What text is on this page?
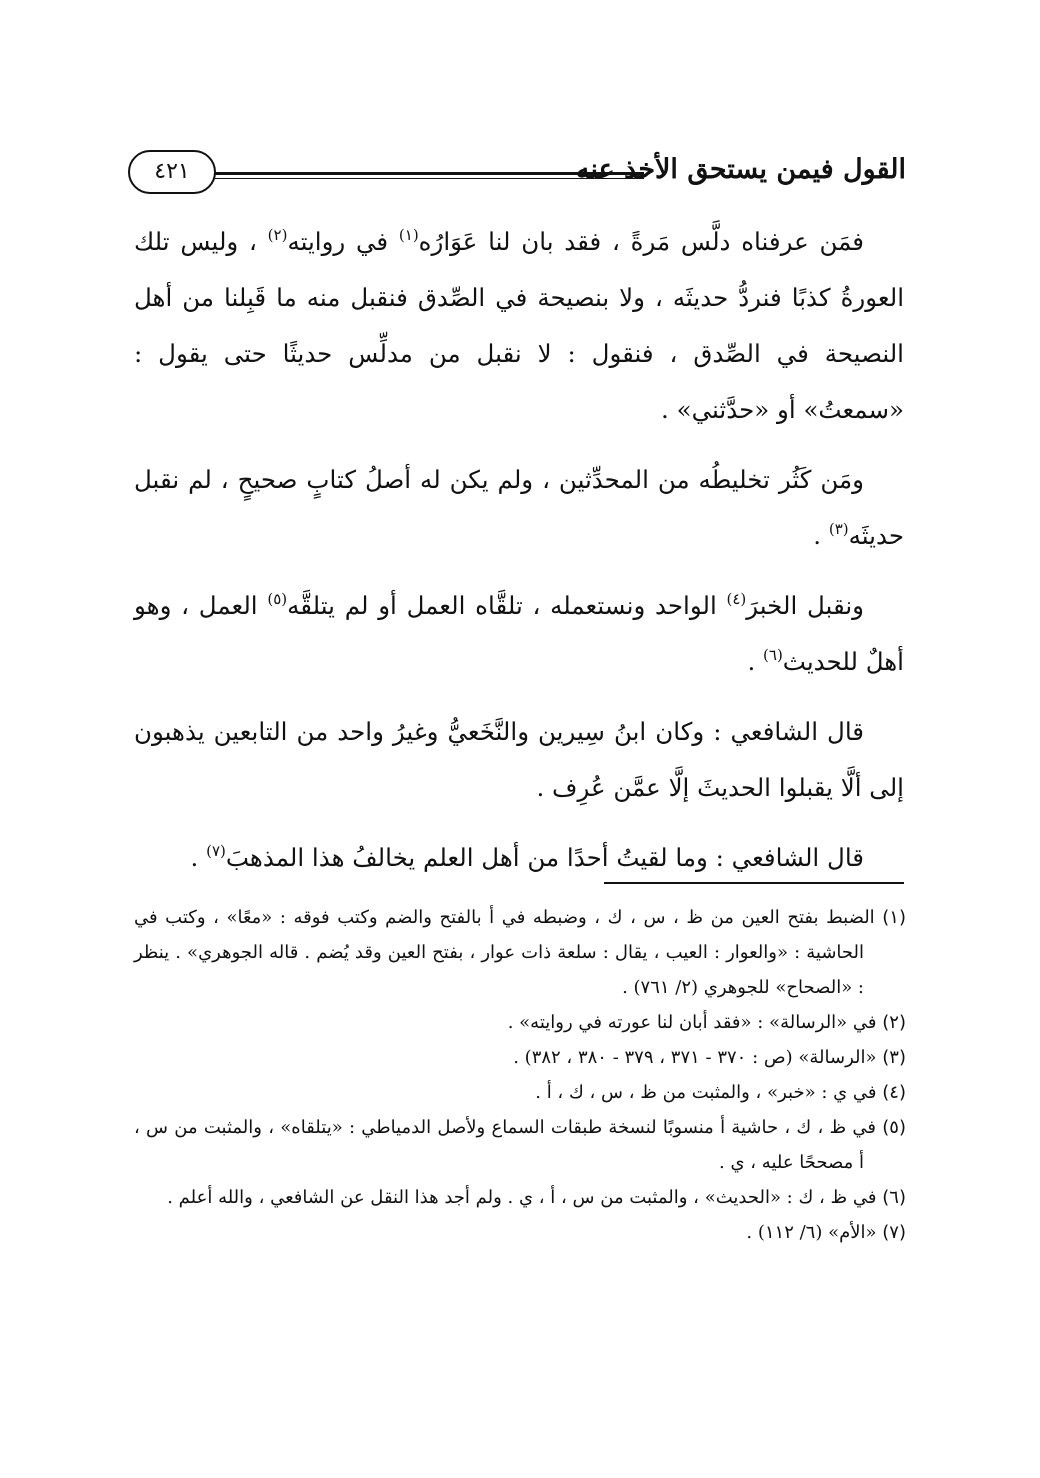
القول فيمن يستحق الأخذ عنه
٤٢١

فمَن عرفناه دلَّس مَرةً ، فقد بان لنا عَوَارُه$^{(١)}$ في روايته$^{(٢)}$ ، وليس تلك العورةُ كذبًا فنردُّ حديثَه ، ولا بنصيحة في الصِّدق فنقبل منه ما قَبِلنا من أهل النصيحة في الصِّدق ، فنقول : لا نقبل من مدلِّس حديثًا حتى يقول : «سمعتُ» أو «حدَّثني» .

ومَن كَثُر تخليطُه من المحدِّثين ، ولم يكن له أصلُ كتابٍ صحيحٍ ، لم نقبل حديثَه$^{(٣)}$ .

ونقبل الخبرَ$^{(٤)}$ الواحد ونستعمله ، تلقَّاه العمل أو لم يتلقَّه$^{(٥)}$ العمل ، وهو أهلٌ للحديث$^{(٦)}$ .

قال الشافعي : وكان ابنُ سِيرين والنَّخَعيُّ وغيرُ واحد من التابعين يذهبون إلى ألَّا يقبلوا الحديثَ إلَّا عمَّن عُرِف .

قال الشافعي : وما لقيتُ أحدًا من أهل العلم يخالفُ هذا المذهبَ$^{(٧)}$ .

(١) الضبط بفتح العين من ظ ، س ، ك ، وضبطه في أ بالفتح والضم وكتب فوقه : «معًا» ، وكتب في الحاشية : «والعوار : العيب ، يقال : سلعة ذات عوار ، بفتح العين وقد يُضم . قاله الجوهري» . ينظر : «الصحاح» للجوهري (٢/ ٧٦١) .

(٢) في «الرسالة» : «فقد أبان لنا عورته في روايته» .

(٣) «الرسالة» (ص : ٣٧٠ - ٣٧١ ، ٣٧٩ - ٣٨٠ ، ٣٨٢) .

(٤) في ي : «خبر» ، والمثبت من ظ ، س ، ك ، أ .

(٥) في ظ ، ك ، حاشية أ منسوبًا لنسخة طبقات السماع ولأصل الدمياطي : «يتلقاه» ، والمثبت من س ، أ مصححًا عليه ، ي .

(٦) في ظ ، ك : «الحديث» ، والمثبت من س ، أ ، ي . ولم أجد هذا النقل عن الشافعي ، والله أعلم .

(٧) «الأم» (٦/ ١١٢) .
